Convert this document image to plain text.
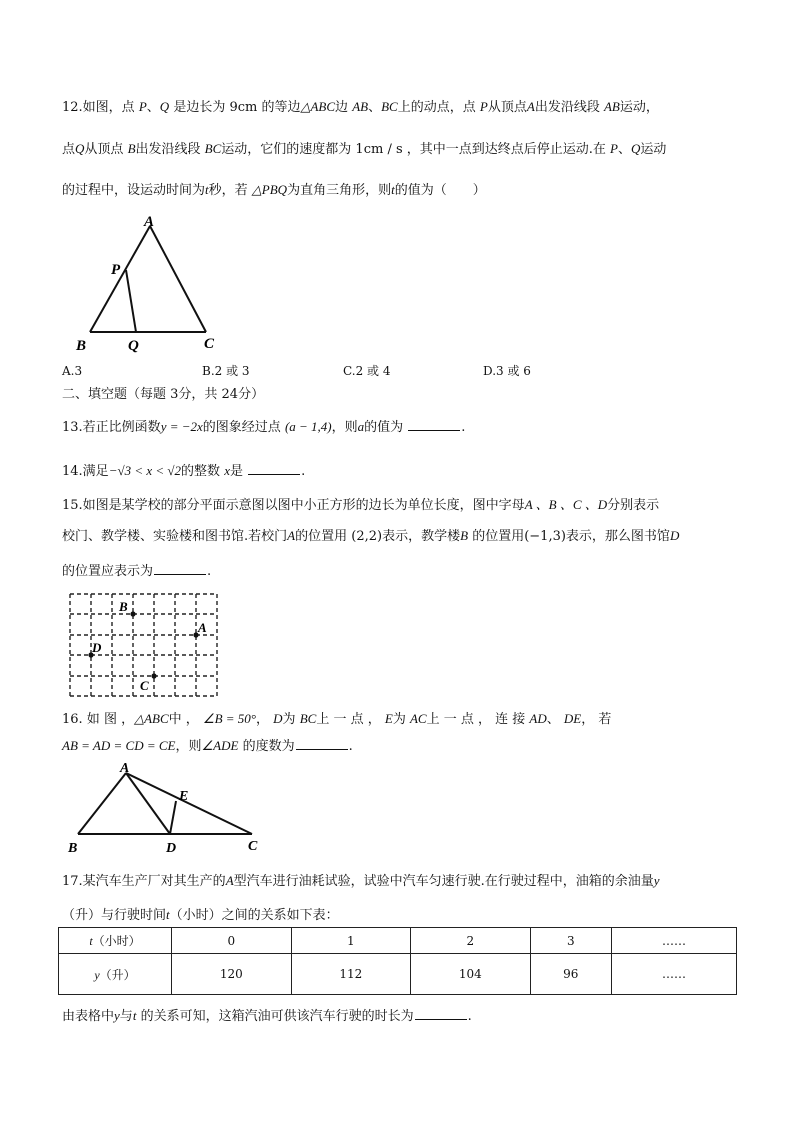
12.如图，点 P、Q 是边长为 9cm 的等边△ABC边 AB、BC上的动点，点 P从顶点A出发沿线段 AB运动，
点Q从顶点 B出发沿线段 BC运动，它们的速度都为 1cm / s ，其中一点到达终点后停止运动.在 P、Q运动
的过程中，设运动时间为t秒，若 △PBQ为直角三角形，则t的值为（　　）
A
P
B	Q	C
A.3	B.2 或 3	C.2 或 4	D.3 或 6
二、填空题（每题 3分，共 24分）
13.若正比例函数y = −2x的图象经过点 (a − 1,4)，则a的值为	.
14.满足−√3 < x < √2的整数 x是	.
15.如图是某学校的部分平面示意图以图中小正方形的边长为单位长度，图中字母A 、B 、C 、D分别表示
校门、教学楼、实验楼和图书馆.若校门A的位置用 (2,2)表示，教学楼B 的位置用(−1,3)表示，那么图书馆D
的位置应表示为	.
B
A
D
C
16. 如 图 ，△ABC中 ， ∠B = 50°， D为 BC上 一 点 ， E为 AC上 一 点 ， 连 接 AD、 DE， 若
AB = AD = CD = CE，则∠ADE 的度数为	.
A
E
B	D	C
17.某汽车生产厂对其生产的A型汽车进行油耗试验，试验中汽车匀速行驶.在行驶过程中，油箱的余油量y
（升）与行驶时间t（小时）之间的关系如下表：
t（小时）	0	1	2	3	……
y（升）	120	112	104	96	……
由表格中y与t 的关系可知，这箱汽油可供该汽车行驶的时长为	.
